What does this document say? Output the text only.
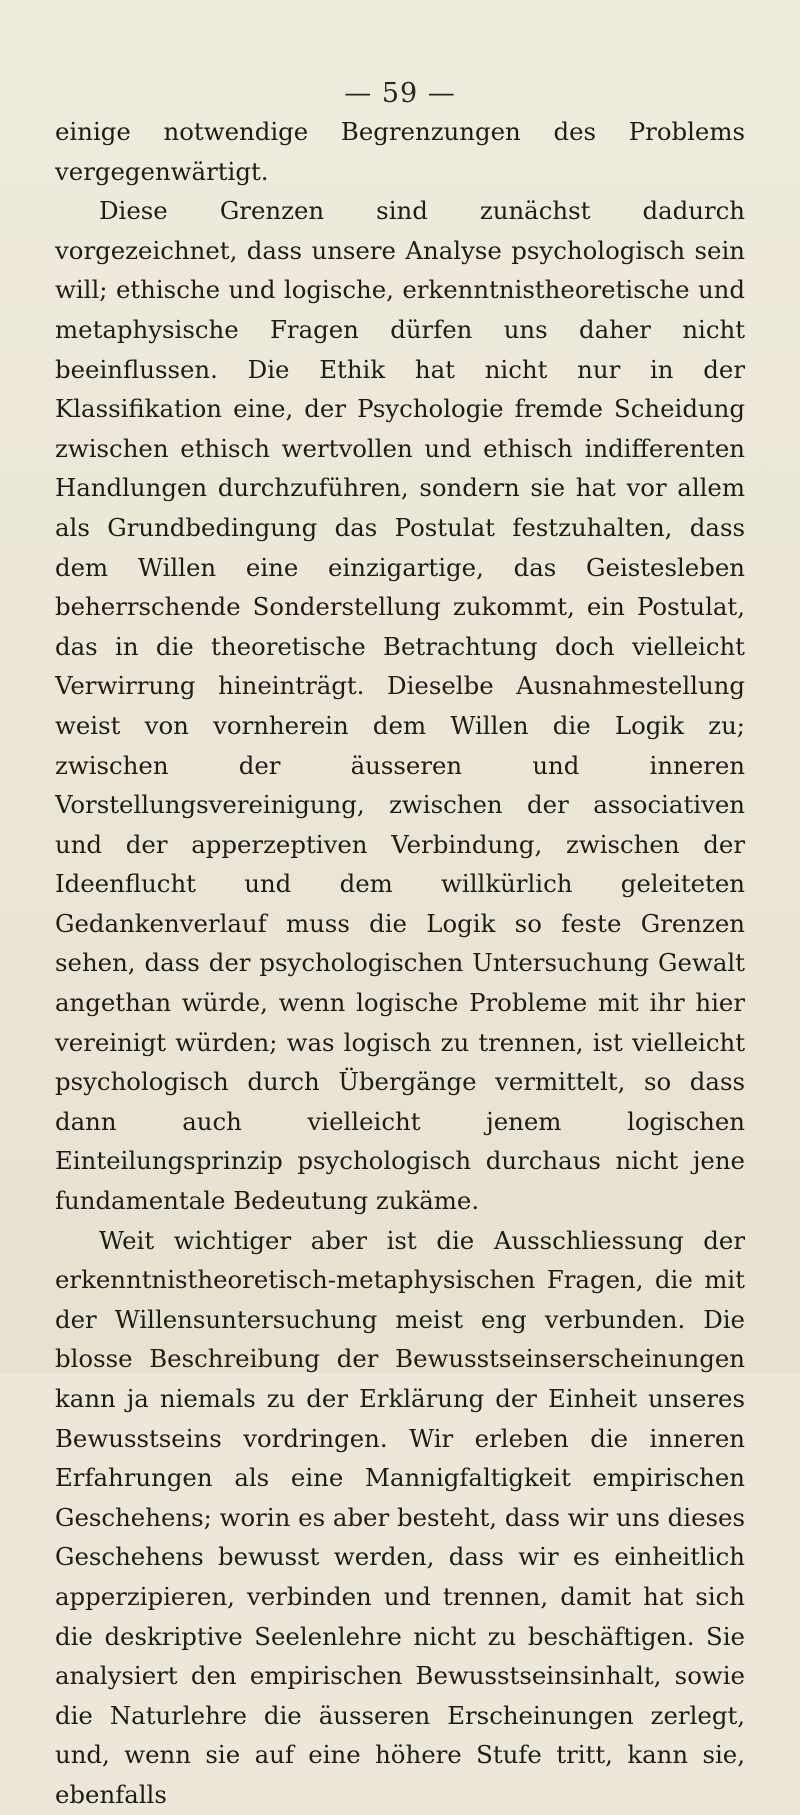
— 59 —

einige notwendige Begrenzungen des Problems vergegenwärtigt.

Diese Grenzen sind zunächst dadurch vorgezeichnet, dass unsere Analyse psychologisch sein will; ethische und logische, erkenntnistheoretische und metaphysische Fragen dürfen uns daher nicht beeinflussen. Die Ethik hat nicht nur in der Klassifikation eine, der Psychologie fremde Scheidung zwischen ethisch wertvollen und ethisch indifferenten Handlungen durchzuführen, sondern sie hat vor allem als Grundbedingung das Postulat festzuhalten, dass dem Willen eine einzigartige, das Geistesleben beherrschende Sonderstellung zukommt, ein Postulat, das in die theoretische Betrachtung doch vielleicht Verwirrung hineinträgt. Dieselbe Ausnahmestellung weist von vornherein dem Willen die Logik zu; zwischen der äusseren und inneren Vorstellungsvereinigung, zwischen der associativen und der apperzeptiven Verbindung, zwischen der Ideenflucht und dem willkürlich geleiteten Gedankenverlauf muss die Logik so feste Grenzen sehen, dass der psychologischen Untersuchung Gewalt angethan würde, wenn logische Probleme mit ihr hier vereinigt würden; was logisch zu trennen, ist vielleicht psychologisch durch Übergänge vermittelt, so dass dann auch vielleicht jenem logischen Einteilungsprinzip psychologisch durchaus nicht jene fundamentale Bedeutung zukäme.

Weit wichtiger aber ist die Ausschliessung der erkenntnistheoretisch-metaphysischen Fragen, die mit der Willensuntersuchung meist eng verbunden. Die blosse Beschreibung der Bewusstseinserscheinungen kann ja niemals zu der Erklärung der Einheit unseres Bewusstseins vordringen. Wir erleben die inneren Erfahrungen als eine Mannigfaltigkeit empirischen Geschehens; worin es aber besteht, dass wir uns dieses Geschehens bewusst werden, dass wir es einheitlich apperzipieren, verbinden und trennen, damit hat sich die deskriptive Seelenlehre nicht zu beschäftigen. Sie analysiert den empirischen Bewusstseinsinhalt, sowie die Naturlehre die äusseren Erscheinungen zerlegt, und, wenn sie auf eine höhere Stufe tritt, kann sie, ebenfalls
